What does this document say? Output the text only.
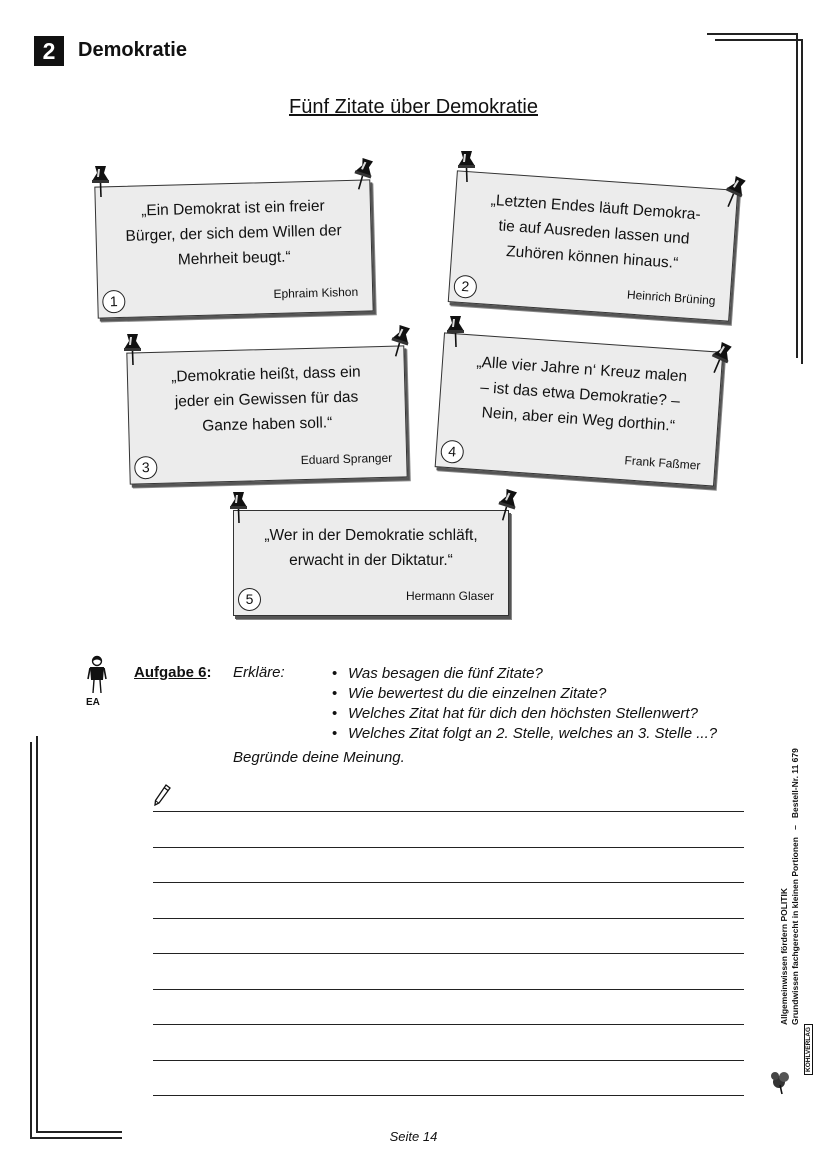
2	Demokratie
Fünf Zitate über Demokratie
„Ein Demokrat ist ein freier
Bürger, der sich dem Willen der
Mehrheit beugt.“
Ephraim Kishon
1
„Letzten Endes läuft Demokra-
tie auf Ausreden lassen und
Zuhören können hinaus.“
Heinrich Brüning
2
„Demokratie heißt, dass ein
jeder ein Gewissen für das
Ganze haben soll.“
Eduard Spranger
3
„Alle vier Jahre n‘ Kreuz malen
– ist das etwa Demokratie? –
Nein, aber ein Weg dorthin.“
Frank Faßmer
4
„Wer in der Demokratie schläft,
erwacht in der Diktatur.“
Hermann Glaser
5
EA
Aufgabe 6: Erkläre:
•	Was besagen die fünf Zitate?
• Wie bewertest du die einzelnen Zitate?
• Welches Zitat hat für dich den höchsten Stellenwert?
• Welches Zitat folgt an 2. Stelle, welches an 3. Stelle ...?
Begründe deine Meinung.
Allgemeinwissen fördern POLITIK Grundwissen fachgerecht in kleinen Portionen   –   Bestell-Nr. 11 679
KOHLVERLAG
Seite 14
